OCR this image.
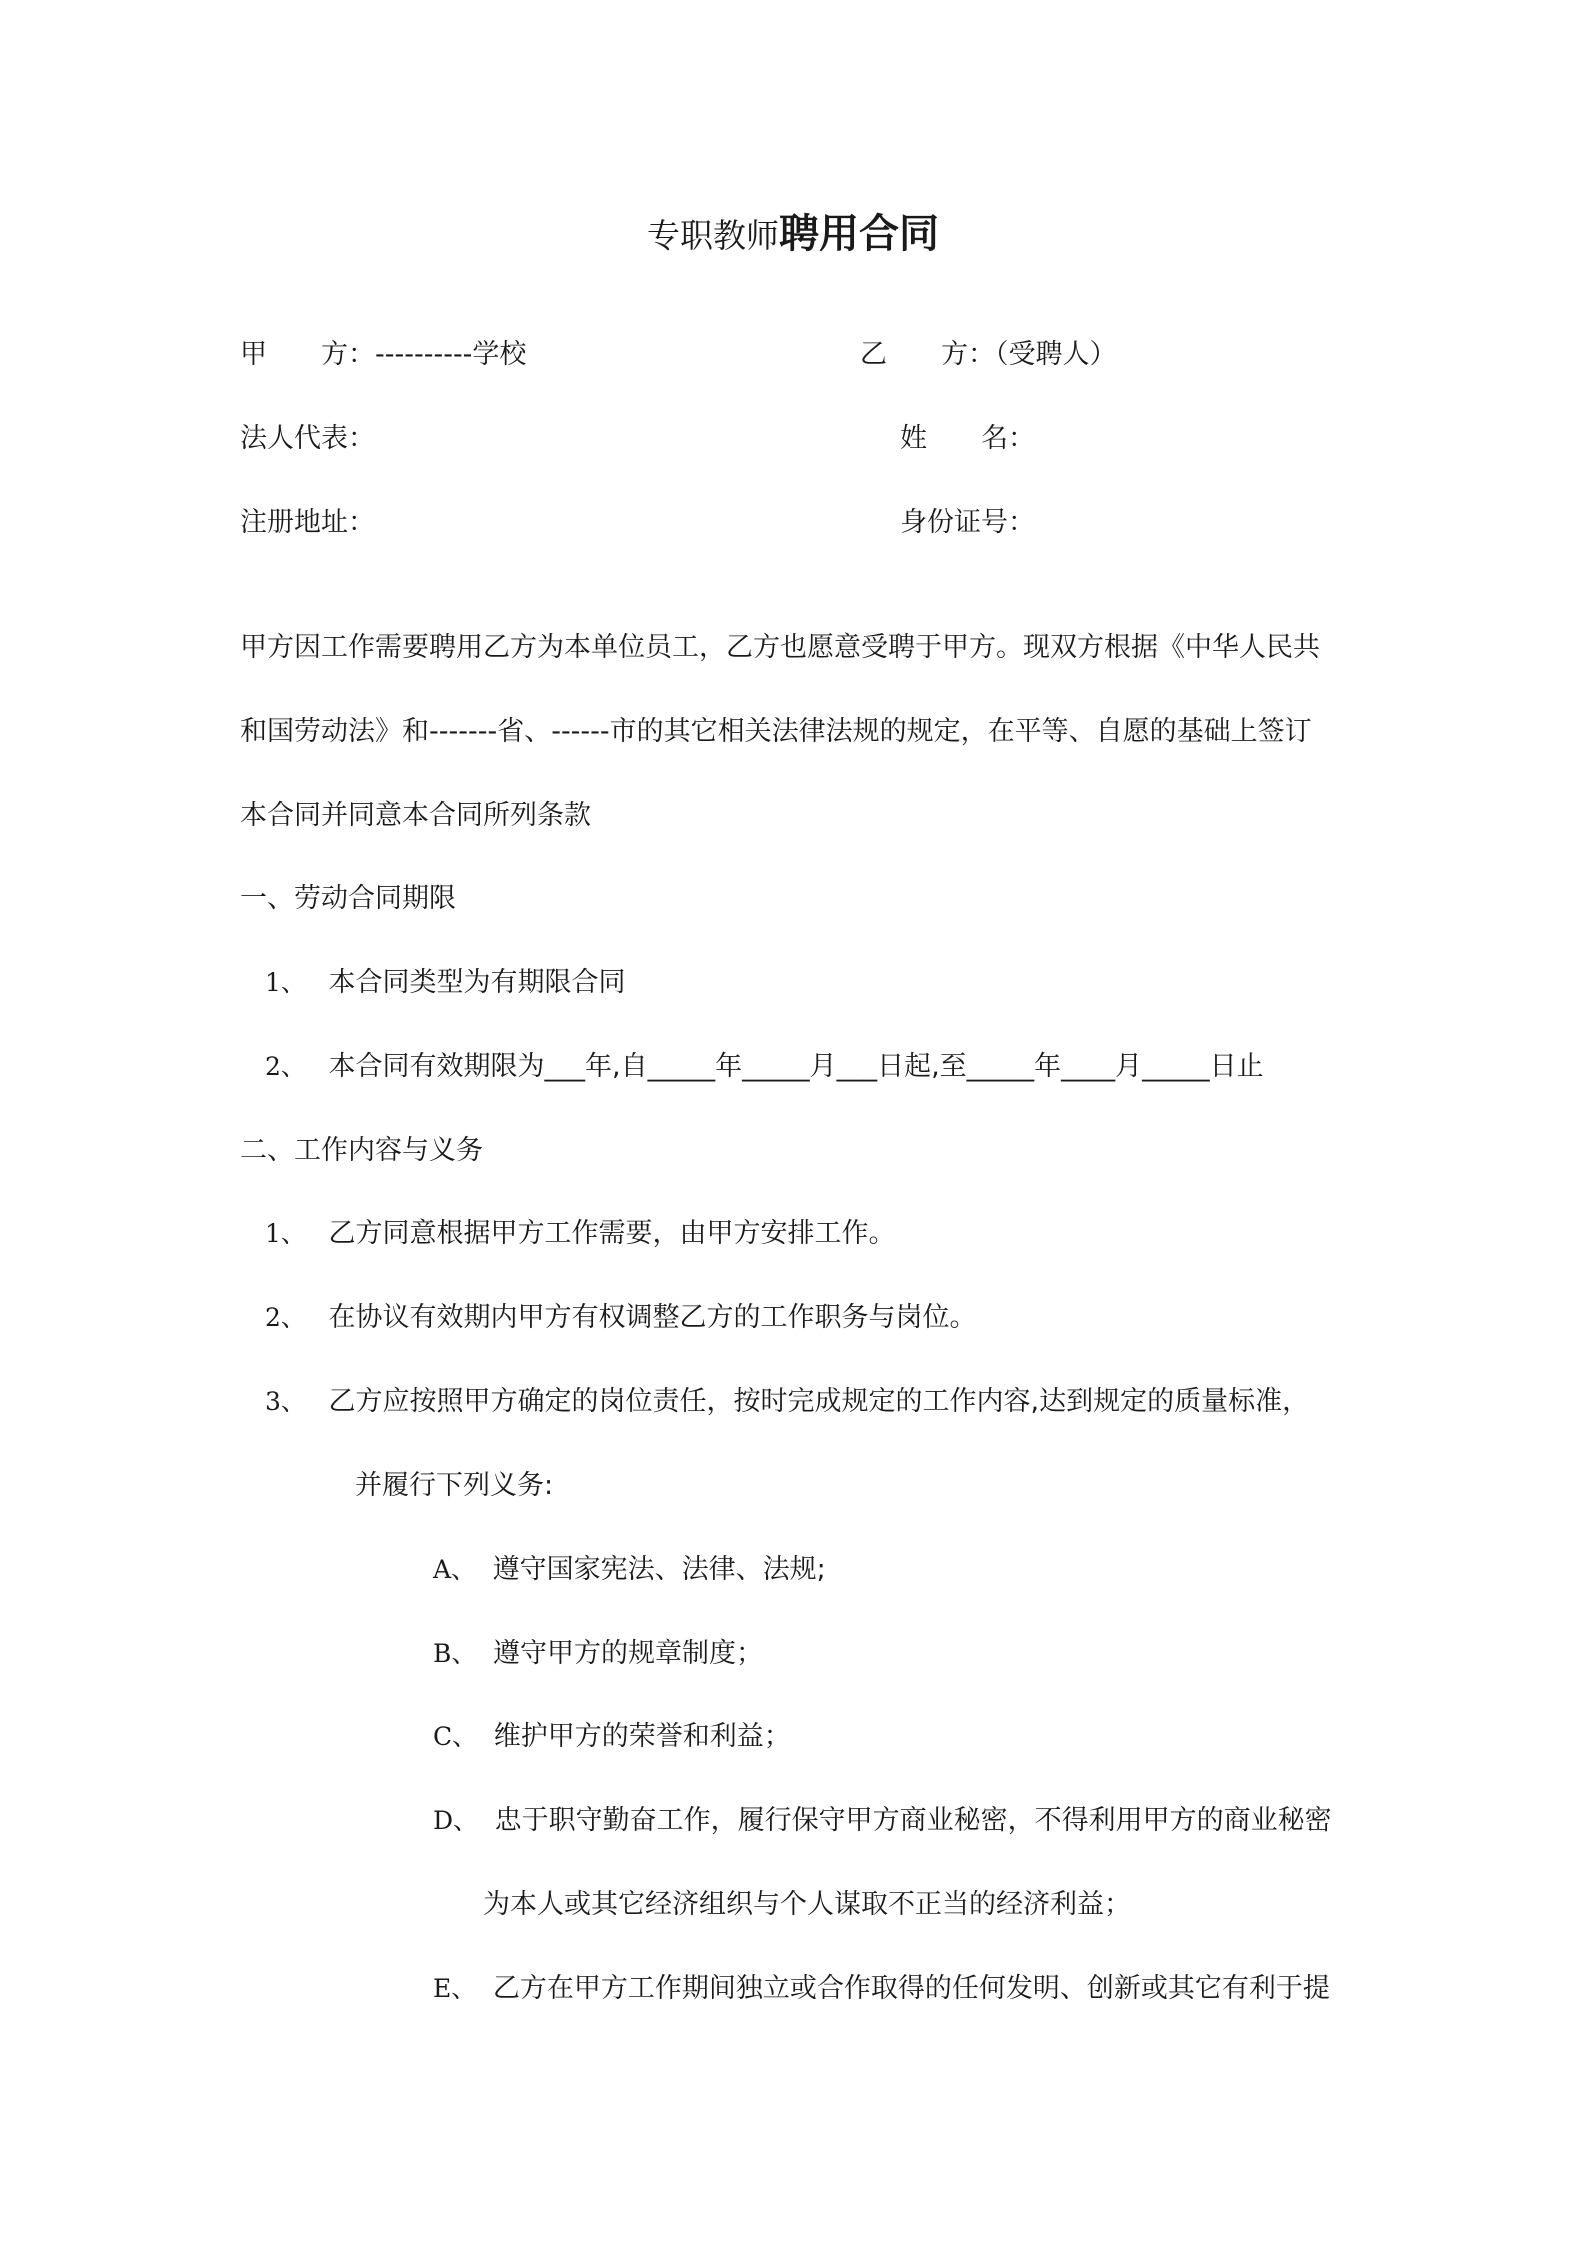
专职教师聘用合同
甲　　方：----------学校	乙　　方：（受聘人）
法人代表：	姓　　名：
注册地址：	身份证号：
甲方因工作需要聘用乙方为本单位员工，乙方也愿意受聘于甲方。现双方根据《中华人民共
和国劳动法》和-------省、------市的其它相关法律法规的规定，在平等、自愿的基础上签订
本合同并同意本合同所列条款
一、劳动合同期限
1、 本合同类型为有期限合同
2、 本合同有效期限为___年,自_____年_____月___日起,至_____年____月_____日止
二、工作内容与义务
1、 乙方同意根据甲方工作需要，由甲方安排工作。
2、 在协议有效期内甲方有权调整乙方的工作职务与岗位。
3、 乙方应按照甲方确定的岗位责任，按时完成规定的工作内容,达到规定的质量标准，
并履行下列义务:
A、 遵守国家宪法、法律、法规;
B、 遵守甲方的规章制度；
C、 维护甲方的荣誉和利益；
D、 忠于职守勤奋工作，履行保守甲方商业秘密，不得利用甲方的商业秘密
为本人或其它经济组织与个人谋取不正当的经济利益；
E、 乙方在甲方工作期间独立或合作取得的任何发明、创新或其它有利于提
